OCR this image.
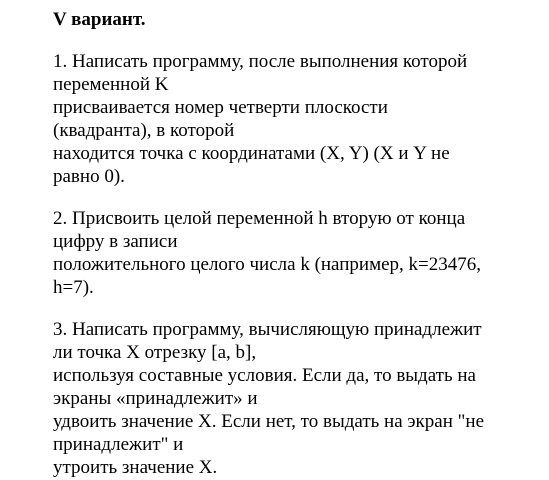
V вариант.
1. Написать программу, после выполнения которой
переменной K
присваивается номер четверти плоскости
(квадранта), в которой
находится точка с координатами (X, Y) (X и Y не
равно 0).
2. Присвоить целой переменной h вторую от конца
цифру в записи
положительного целого числа k (например, k=23476,
h=7).
3. Написать программу, вычисляющую принадлежит
ли точка X отрезку [a, b],
используя составные условия. Если да, то выдать на
экраны «принадлежит» и
удвоить значение X. Если нет, то выдать на экран "не
принадлежит" и
утроить значение X.
